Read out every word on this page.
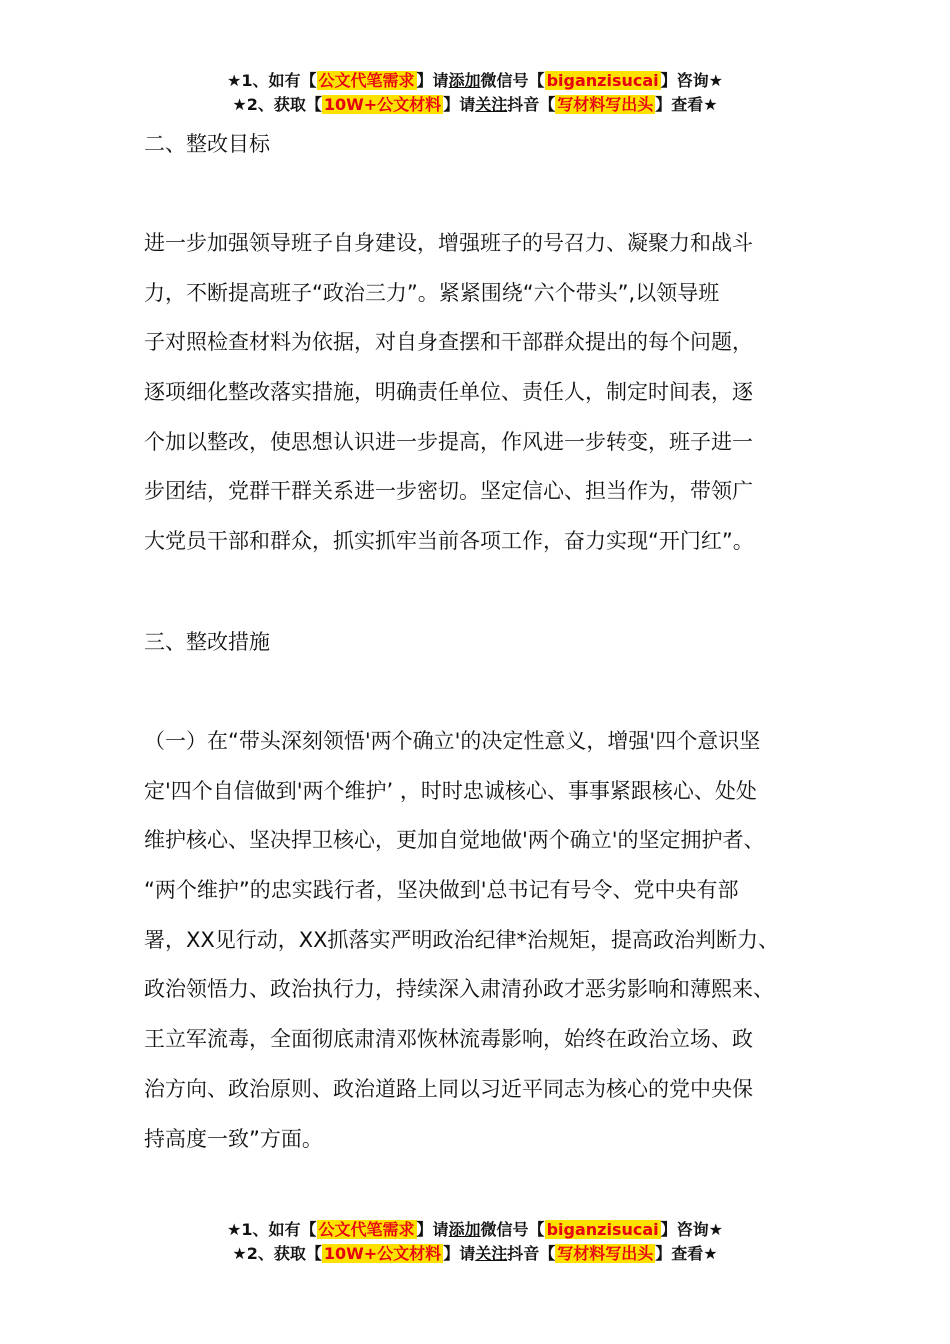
★1、如有【 公文代笔需求 】请添加微信号【 biganzisucai 】咨询★
★2、获取【 10W+公文材料 】请关注抖音【 写材料写出头 】查看★
二、整改目标
进一步加强领导班子自身建设，增强班子的号召力、凝聚力和战斗
力，不断提高班子“政治三力”。紧紧围绕“六个带头”,以领导班
子对照检查材料为依据，对自身查摆和干部群众提出的每个问题，
逐项细化整改落实措施，明确责任单位、责任人，制定时间表，逐
个加以整改，使思想认识进一步提高，作风进一步转变，班子进一
步团结，党群干群关系进一步密切。坚定信心、担当作为，带领广
大党员干部和群众，抓实抓牢当前各项工作，奋力实现“开门红”。
三、整改措施
（一）在“带头深刻领悟'两个确立'的决定性意义，增强'四个意识坚
定'四个自信做到'两个维护’ ，时时忠诚核心、事事紧跟核心、处处
维护核心、坚决捍卫核心，更加自觉地做'两个确立'的坚定拥护者、
“两个维护”的忠实践行者，坚决做到'总书记有号令、党中央有部
署，XX见行动，XX抓落实严明政治纪律*治规矩，提高政治判断力、
政治领悟力、政治执行力，持续深入肃清孙政才恶劣影响和薄熙来、
王立军流毒，全面彻底肃清邓恢林流毒影响，始终在政治立场、政
治方向、政治原则、政治道路上同以习近平同志为核心的党中央保
持高度一致”方面。
★1、如有【 公文代笔需求 】请添加微信号【 biganzisucai 】咨询★
★2、获取【 10W+公文材料 】请关注抖音【 写材料写出头 】查看★
